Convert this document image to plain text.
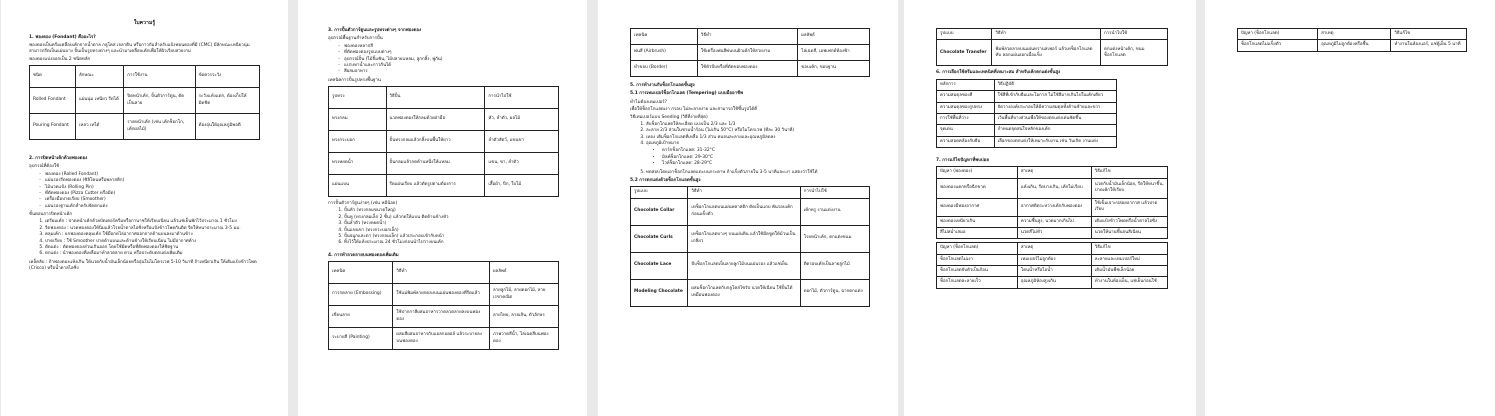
ใบความรู้

1. ฟองดอง (Fondant) คืออะไร?

ฟองดองเป็นครีมเคลือบเค้กจากน้ำตาล กลูโคส เจลาติน หรือกาวกัมสำหรับแป้งฟอนดองที่มี (CMC) มีลักษณะเหนียวนุ่ม สามารถรีดเป็นแผ่นบาง ปั้นเป็นรูปทรงต่างๆ และนำมาเคลือบเค้กเพื่อให้ผิวเรียบสวยงาม

ฟองดองแบ่งออกเป็น 2 ชนิดหลัก

ชนิด	ลักษณะ	การใช้งาน	ข้อควรระวัง
Rolled Fondant	แผ่นนุ่ม เหนียว รีดได้	ปิดหน้าเค้ก, ปั้นตัวการ์ตูน, ตัด เป็นลาย	ระวังแห้งแตก, ต้องเก็บให้มิดชิด
Pouring Fondant	เหลว เทได้	ราดหน้าเค้ก (เช่น เค้กช็อกโก, เค้กผลไม้)	ต้องอุ่นให้อุณหภูมิพอดี

2. การปิดหน้าเค้กด้วยฟองดอง

อุปกรณ์ที่ต้องใช้

- ฟองดอง (Rolled Fondant)
- แผ่นรองรีดฟองดอง (ซิลิโคนหรือพลาสติก)
- ไม้นวดแป้ง (Rolling Pin)
- ที่ตัดฟองดอง (Pizza Cutter หรือมีด)
- เครื่องมือปาดเรียบ (Smoother)
- แผ่นรองฐานเค้กสำหรับจัดตกแต่ง

ขั้นตอนการปิดหน้าเค้ก

1. เตรียมเค้ก : ปาดหน้าเค้กด้วยบัตเตอร์ครีมหรือกานาชให้เรียบเนียน แล้วแช่เย็นพักไว้ประมาณ 1 ชั่วโมง
2. รีดฟองดอง : นวดฟองดองให้นิ่มแล้วโรยน้ำตาลไอซิ่งหรือแป้งข้าวโพดกันติด รีดให้หนาประมาณ 3-5 มม.
3. คลุมเค้ก : ยกฟองดองคลุมเค้ก ใช้มือกดไล่อากาศออกจากด้านบนลงมาด้านข้าง
4. ปาดเรียบ : ใช้ Smoother ปาดด้านบนและด้านข้างให้เรียบเนียน ไม่มีอากาศค้าง
5. ตัดแต่ง : ตัดฟองดองส่วนเกินออก โดยใช้มีดหรือที่ตัดฟองดองให้ชิดฐาน
6. ตกแต่ง : นำฟองดองที่เหลือมาทำลวดลาย ตาม หรือประดับตกแต่งเพิ่มเติม

เคล็ดลับ : ถ้าฟองดองแห้งเกิน ให้นวดกับน้ำมันเล็กน้อยหรืออุ่นในไมโครเวฟ 5-10 วินาที ถ้าเหนียวเกิน ให้เติมแป้งข้าวโพด (Crisco) หรือน้ำตาลไอซิ่ง

3. การปั้นตัวการ์ตูนและรูปทรงต่างๆ จากฟองดอง

อุปกรณ์พื้นฐานสำหรับการปั้น

- ฟองดองหลากสี
- ที่ตัดฟองดองรูปแบบต่างๆ
- อุปกรณ์ปั้น (ไม้จิ้มฟัน, ไม้ปลายแหลม, ลูกกลิ้ง, พู่กัน)
- แปรงทาน้ำและกาวกินได้
- สีผสมอาหาร

เทคนิคการปั้นรูปทรงพื้นฐาน

รูปทรง	วิธีปั้น	การนำไปใช้
ทรงกลม	นวดฟองดองให้กลมด้วยฝ่ามือ	หัว, ลำตัว, ผลไม้
ทรงกระบอก	ปั้นทรงกลมแล้วกลิ้งบนพื้นให้ยาว	ลำตัวสัตว์, แขนขา
ทรงหยดน้ำ	ปั้นกลมแล้วกดด้านหนึ่งให้แหลม	แขน, ขา, ลำตัว
แผ่นแบน	รีดแผ่นเรียบ แล้วตัดรูปตามต้องการ	เสื้อผ้า, ปีก, ใบไม้

การปั้นตัวการ์ตูนง่ายๆ (เช่น หมีน้อย)

1. ปั้นหัว (ทรงกลมขนาดใหญ่)
2. ปั้นหู (ทรงกลมเล็ก 2 ชิ้น) แล้วกดให้แบน ติดด้านข้างหัว
3. ปั้นลำตัว (ทรงหยดน้ำ)
4. ปั้นแขนขา (ทรงกระบอกเล็ก)
5. ปั้นจมูกและตา (ทรงกลมเล็ก) แล้วประกอบเข้ากับหน้า
6. ทิ้งไว้ให้แห้งประมาณ 24 ชั่วโมงก่อนนำไปวางบนเค้ก

4. การทำลวดลายบนฟองดองเพิ่มเติม

เทคนิค	วิธีทำ	ผลลัพธ์
การกดลาย (Embossing)	ใช้แม่พิมพ์ลายกดลงบนแผ่นฟองดองที่รีดแล้ว	ลายลูกไม้, ลายดอกไม้, ลายเรขาคณิต
เขียนลาย	ใช้ปากกาสีผสมอาหารวาดลวดลายลงบนฟองดอง	ลายไทย, ลายเส้น, ตัวอักษร
ระบายสี (Painting)	ผสมสีผสมอาหารกับแอลกอฮอล์ แล้วระบายลงบนฟองดอง	ภาพวาดสีน้ำ, ไล่เฉดสีบนฟองดอง
เทคนิค	วิธีทำ	ผลลัพธ์
พ่นสี (Airbrush)	ใช้เครื่องพ่นสีพ่นบนผิวเค้กให้สวยงาม	ไล่เฉดสี, เอฟเฟกต์ท้องฟ้า
ทำขอบ (Border)	ใช้หัวบีบหรือที่ตัดขอบฟองดอง	ขอบเค้ก, ขอบฐาน

5. การทำงานกับช็อกโกแลตขั้นสูง

5.1 การเทมเปอร์ช็อกโกแลต (Tempering) แบบมืออาชีพ

ทำไมต้องเทมเปอร์?

เพื่อให้ช็อกโกแลตเงา กรอบ ไม่ละลายง่าย และสามารถใช้ขึ้นรูปได้ดี

วิธีเทมเปอร์แบบ Seeding (วิธีที่ง่ายที่สุด)

1. สับช็อกโกแลตให้ละเอียด แบ่งเป็น 2/3 และ 1/3
2. ละลาย 2/3 ส่วนในชามน้ำร้อน (ไม่เกิน 50°C) หรือไมโครเวฟ (ทีละ 30 วินาที)
3. เทอง เติมช็อกโกแลตที่เหลือ 1/3 ส่วน คนจนละลายและอุณหภูมิลดลง
4. อุณหภูมิเป้าหมาย
• ดาร์กช็อกโกแลต: 31-32°C
• มิลค์ช็อกโกแลต: 29-30°C
• ไวท์ช็อกโกแลต: 28-29°C
5. ทดสอบโดยเอาช็อกโกแลตแตะบนกระดาษ ถ้าแข็งตัวภายใน 3-5 นาทีและเงา แสดงว่าใช้ได้

5.2 การตกแต่งด้วยช็อกโกแลตขั้นสูง

รูปแบบ	วิธีทำ	การนำไปใช้
Chocolate Collar	เทช็อกโกแลตบนแผ่นพลาสติก ตัดเป็นแถบ พันรอบเค้กก่อนแข็งตัว	เค้กหรู งานแต่งงาน
Chocolate Curls	เทช็อกโกแลตบางๆ บนแผ่นหิน แล้วใช้มีดขูดให้ม้วนเป็นเกลียว	โรยหน้าเค้ก, ตกแต่งขนม
Chocolate Lace	บีบช็อกโกแลตเป็นลายลูกไม้บนแผ่นรอง แล้วแช่เย็น	ติดรอบเค้กเป็นลายลูกไม้
Modeling Chocolate	ผสมช็อกโกแลตกับกลูโคสไซรัป นวดให้เนียน ใช้ปั้นได้เหมือนฟองดอง	ดอกไม้, ตัวการ์ตูน, ฉากตกแต่ง
รูปแบบ	วิธีทำ	การนำไปใช้
Chocolate Transfer	พิมพ์ลวดลายบนแผ่นทรานสเฟอร์ แล้วเทช็อกโกแลตทับ ลอกแผ่นออกเมื่อแข็ง	ตกแต่งหน้าเค้ก, ขนมช็อกโกแลต

6. การเลือกใช้ครีมและเทคนิคที่เหมาะสม สำหรับเค้กตกแต่งขั้นสูง

หลักการ	วิธีปฏิบัติ
ความสมดุลของสี	ใช้สีที่เข้ากับธีมและโอกาส ไม่ใช้สีมากเกินไปในเค้กเดียว
ความสมดุลของรูปทรง	จัดวางองค์ประกอบให้มีความสมดุลทั้งด้านซ้ายและขวา
การใช้พื้นที่ว่าง	เว้นพื้นที่บางส่วนเพื่อให้ของตกแต่งเด่นชัดขึ้น
จุดเด่น	กำหนดจุดสนใจหลักของเค้ก
ความสอดคล้องกับธีม	เลือกของตกแต่งให้เหมาะกับงาน เช่น วันเกิด งานแต่ง

7. การแก้ไขปัญหาที่พบบ่อย

ปัญหา (ฟองดอง)	สาเหตุ	วิธีแก้ไข
ฟองดองแตกหรือฉีกขาด	แห้งเกิน, รีดบางเกิน, เค้กไม่เรียบ	นวดกับน้ำมันเล็กน้อย, รีดให้หนาขึ้น, ปาดเค้กให้เรียบ
ฟองดองมีฟองอากาศ	อากาศติดระหว่างเค้กกับฟองดอง	ใช้เข็มเจาะปล่อยอากาศ แล้วปาดเรียบ
ฟองดองเหนียวเกิน	ความชื้นสูง, นวดมากเกินไป	เติมแป้งข้าวโพดหรือน้ำตาลไอซิ่ง
สีไม่สม่ำเสมอ	นวดสีไม่ทั่ว	นวดให้นานขึ้นจนสีเนียน
ปัญหา (ช็อกโกแลต)	สาเหตุ	วิธีแก้ไข
ช็อกโกแลตไม่เงา	เทมเปอร์ไม่ถูกต้อง	ละลายและเทมเปอร์ใหม่
ช็อกโกแลตจับตัวเป็นก้อน	โดนน้ำหรือไอน้ำ	เติมน้ำมันพืชเล็กน้อย
ช็อกโกแลตละลายเร็ว	อุณหภูมิห้องสูงเกิน	ทำงานในห้องเย็น, แช่เย็นก่อนใช้
ปัญหา (ช็อกโกแลต)	สาเหตุ	วิธีแก้ไข
ช็อกโกแลตไม่แข็งตัว	อุณหภูมิไม่ถูกต้องหรือชื้น	ทำงานในห้องแอร์, แช่ตู้เย็น 5 นาที
